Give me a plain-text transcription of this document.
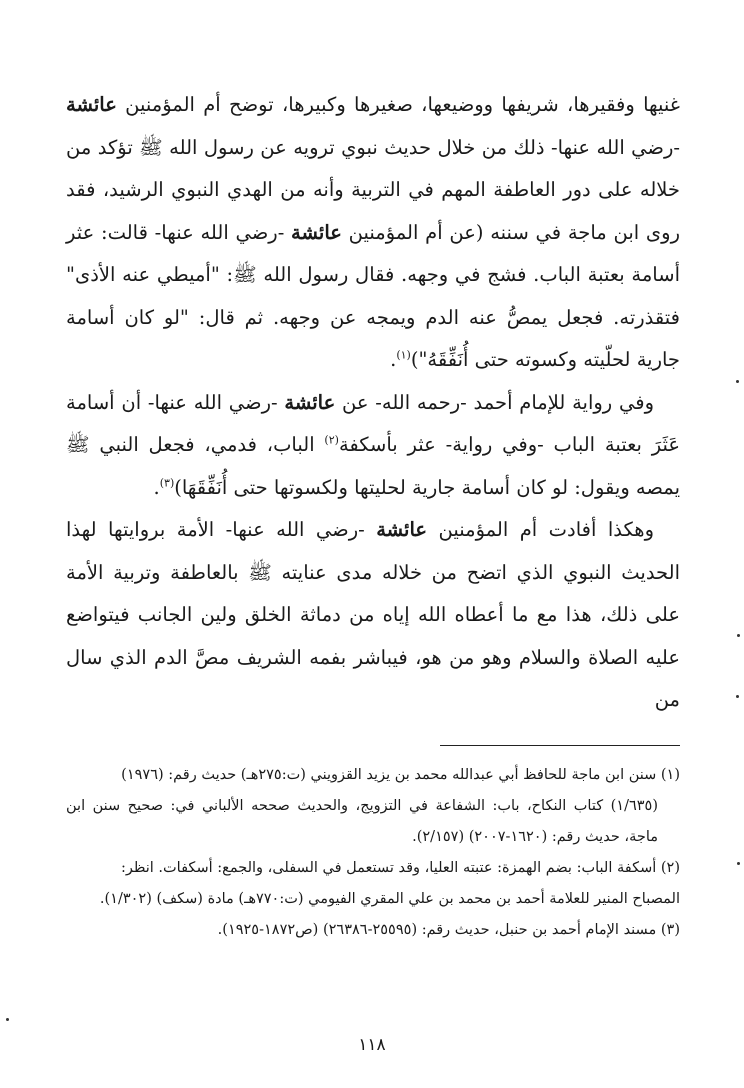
غنيها وفقيرها، شريفها ووضيعها، صغيرها وكبيرها، توضح أم المؤمنين عائشة -رضي الله عنها- ذلك من خلال حديث نبوي ترويه عن رسول الله ﷺ تؤكد من خلاله على دور العاطفة المهم في التربية وأنه من الهدي النبوي الرشيد، فقد روى ابن ماجة في سننه (عن أم المؤمنين عائشة -رضي الله عنها- قالت: عثر أسامة بعتبة الباب. فشج في وجهه. فقال رسول الله ﷺ: "أميطي عنه الأذى" فتقذرته. فجعل يمصُّ عنه الدم ويمجه عن وجهه. ثم قال: "لو كان أسامة جارية لحلّيته وكسوته حتى أُنَفِّقَهُ")$^{(١)}$.

وفي رواية للإمام أحمد -رحمه الله- عن عائشة -رضي الله عنها- أن أسامة عَثَرَ بعتبة الباب -وفي رواية- عثر بأسكفة$^{(٢)}$ الباب، فدمي، فجعل النبي ﷺ يمصه ويقول: لو كان أسامة جارية لحليتها ولكسوتها حتى أُنَفِّقَهَا)$^{(٣)}$.

وهكذا أفادت أم المؤمنين عائشة -رضي الله عنها- الأمة بروايتها لهذا الحديث النبوي الذي اتضح من خلاله مدى عنايته ﷺ بالعاطفة وتربية الأمة على ذلك، هذا مع ما أعطاه الله إياه من دماثة الخلق ولين الجانب فيتواضع عليه الصلاة والسلام وهو من هو، فيباشر بفمه الشريف مصَّ الدم الذي سال من

(١) سنن ابن ماجة للحافظ أبي عبدالله محمد بن يزيد القزويني (ت:٢٧٥هـ) حديث رقم: (١٩٧٦)

(١/٦٣٥) كتاب النكاح، باب: الشفاعة في التزويج، والحديث صححه الألباني في: صحيح سنن ابن ماجة، حديث رقم: (١٦٢٠-٢٠٠٧) (٢/١٥٧).

(٢) أسكفة الباب: بضم الهمزة: عتبته العليا، وقد تستعمل في السفلى، والجمع: أسكفات. انظر:

المصباح المنير للعلامة أحمد بن محمد بن علي المقري الفيومي (ت:٧٧٠هـ) مادة (سكف) (١/٣٠٢).

(٣) مسند الإمام أحمد بن حنبل، حديث رقم: (٢٥٥٩٥-٢٦٣٨٦) (ص١٨٧٢-١٩٢٥).

١١٨
